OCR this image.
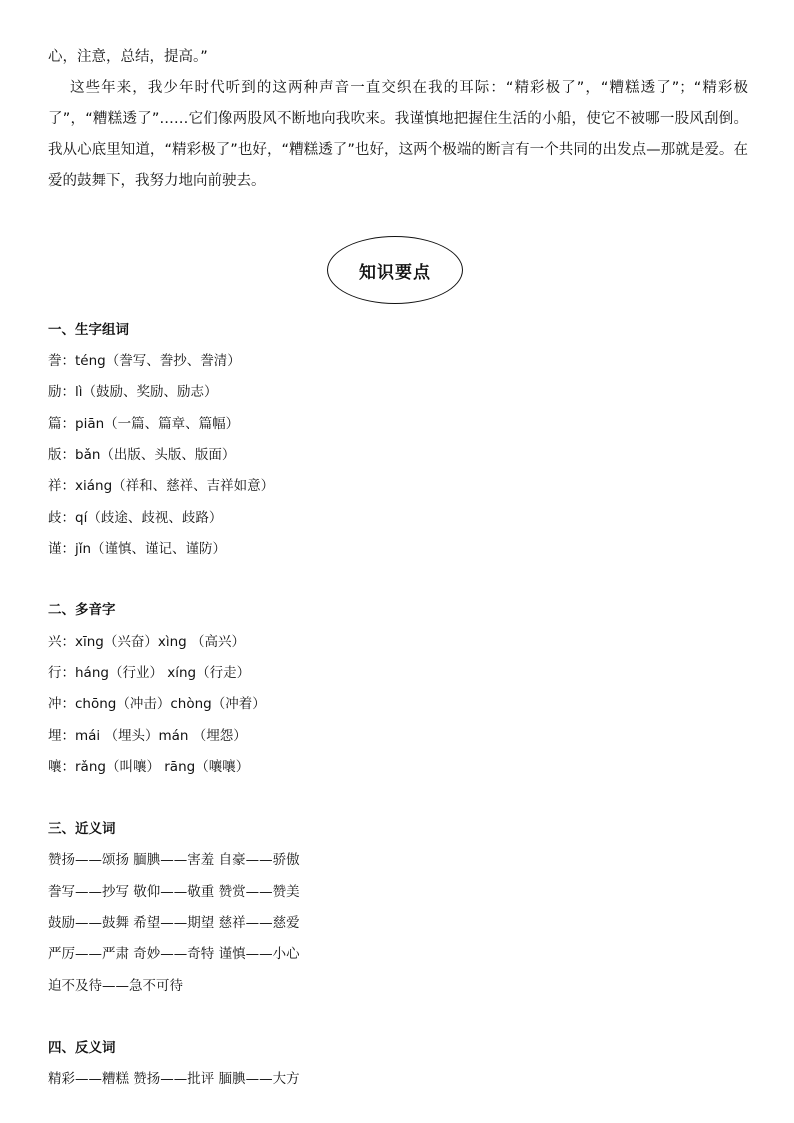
心，注意，总结，提高。”

这些年来，我少年时代听到的这两种声音一直交织在我的耳际：“精彩极了”，“糟糕透了”；“精彩极了”，“糟糕透了”……它们像两股风不断地向我吹来。我谨慎地把握住生活的小船，使它不被哪一股风刮倒。我从心底里知道，“精彩极了”也好，“糟糕透了”也好，这两个极端的断言有一个共同的出发点—那就是爱。在爱的鼓舞下，我努力地向前驶去。

知识要点

一、生字组词

誊：téng（誊写、誊抄、誊清）

励：lì（鼓励、奖励、励志）

篇：piān（一篇、篇章、篇幅）

版：bǎn（出版、头版、版面）

祥：xiáng（祥和、慈祥、吉祥如意）

歧：qí（歧途、歧视、歧路）

谨：jǐn（谨慎、谨记、谨防）

二、多音字

兴：xīng（兴奋）xìng （高兴）

行：háng（行业） xíng（行走）

冲：chōng（冲击）chòng（冲着）

埋：mái （埋头）mán （埋怨）

嚷：rǎng（叫嚷） rāng（嚷嚷）

三、近义词

赞扬——颂扬 腼腆——害羞 自豪——骄傲

誊写——抄写 敬仰——敬重 赞赏——赞美

鼓励——鼓舞 希望——期望 慈祥——慈爱

严厉——严肃 奇妙——奇特 谨慎——小心

迫不及待——急不可待

四、反义词

精彩——糟糕 赞扬——批评 腼腆——大方
